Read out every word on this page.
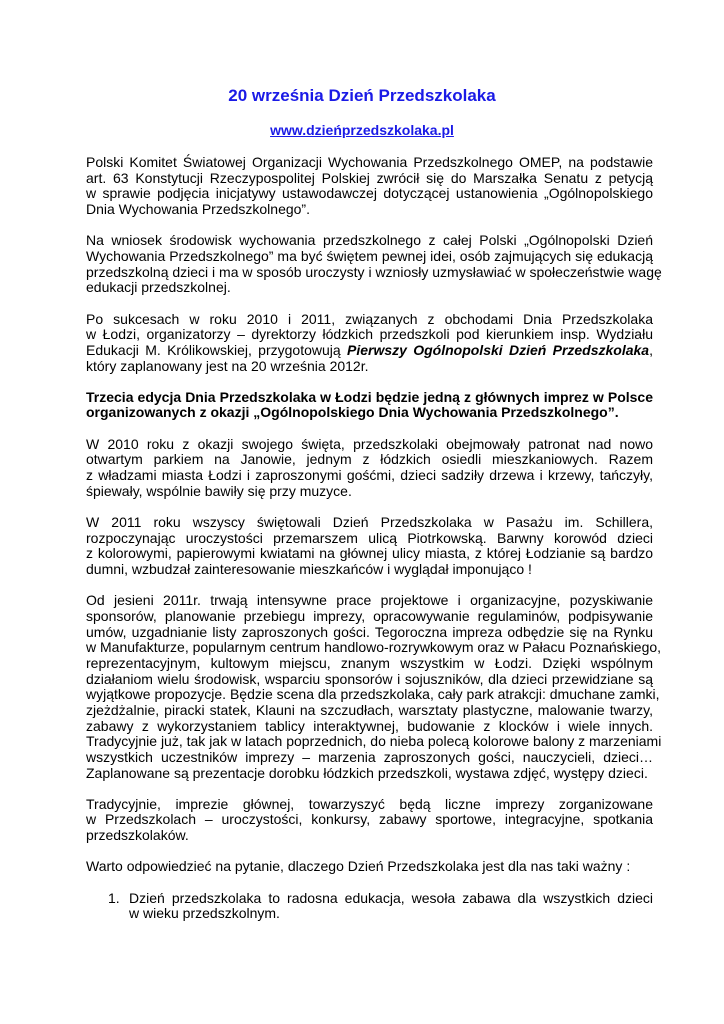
20 września Dzień Przedszkolaka
www.dzieńprzedszkolaka.pl
Polski Komitet Światowej Organizacji Wychowania Przedszkolnego OMEP, na podstawie
art. 63 Konstytucji Rzeczypospolitej Polskiej zwrócił się do Marszałka Senatu z petycją
w sprawie podjęcia inicjatywy ustawodawczej dotyczącej ustanowienia „Ogólnopolskiego
Dnia Wychowania Przedszkolnego”.
Na wniosek środowisk wychowania przedszkolnego z całej Polski „Ogólnopolski Dzień
Wychowania Przedszkolnego” ma być świętem pewnej idei, osób zajmujących się edukacją
przedszkolną dzieci i ma w sposób uroczysty i wzniosły uzmysławiać w społeczeństwie wagę
edukacji przedszkolnej.
Po sukcesach w roku 2010 i 2011, związanych z obchodami Dnia Przedszkolaka
w Łodzi, organizatorzy – dyrektorzy łódzkich przedszkoli pod kierunkiem insp. Wydziału
Edukacji M. Królikowskiej, przygotowują Pierwszy Ogólnopolski Dzień Przedszkolaka,
który zaplanowany jest na 20 września 2012r.
Trzecia edycja Dnia Przedszkolaka w Łodzi będzie jedną z głównych imprez w Polsce
organizowanych z okazji „Ogólnopolskiego Dnia Wychowania Przedszkolnego”.
W 2010 roku z okazji swojego święta, przedszkolaki obejmowały patronat nad nowo
otwartym parkiem na Janowie, jednym z łódzkich osiedli mieszkaniowych. Razem
z władzami miasta Łodzi i zaproszonymi gośćmi, dzieci sadziły drzewa i krzewy, tańczyły,
śpiewały, wspólnie bawiły się przy muzyce.
W 2011 roku wszyscy świętowali Dzień Przedszkolaka w Pasażu im. Schillera,
rozpoczynając uroczystości przemarszem ulicą Piotrkowską. Barwny korowód dzieci
z kolorowymi, papierowymi kwiatami na głównej ulicy miasta, z której Łodzianie są bardzo
dumni, wzbudzał zainteresowanie mieszkańców i wyglądał imponująco !
Od jesieni 2011r. trwają intensywne prace projektowe i organizacyjne, pozyskiwanie
sponsorów, planowanie przebiegu imprezy, opracowywanie regulaminów, podpisywanie
umów, uzgadnianie listy zaproszonych gości. Tegoroczna impreza odbędzie się na Rynku
w Manufakturze, popularnym centrum handlowo-rozrywkowym oraz w Pałacu Poznańskiego,
reprezentacyjnym, kultowym miejscu, znanym wszystkim w Łodzi. Dzięki wspólnym
działaniom wielu środowisk, wsparciu sponsorów i sojuszników, dla dzieci przewidziane są
wyjątkowe propozycje. Będzie scena dla przedszkolaka, cały park atrakcji: dmuchane zamki,
zjeżdżalnie, piracki statek, Klauni na szczudłach, warsztaty plastyczne, malowanie twarzy,
zabawy z wykorzystaniem tablicy interaktywnej, budowanie z klocków i wiele innych.
Tradycyjnie już, tak jak w latach poprzednich, do nieba polecą kolorowe balony z marzeniami
wszystkich uczestników imprezy – marzenia zaproszonych gości, nauczycieli, dzieci…
Zaplanowane są prezentacje dorobku łódzkich przedszkoli, wystawa zdjęć, występy dzieci.
Tradycyjnie, imprezie głównej, towarzyszyć będą liczne imprezy zorganizowane
w Przedszkolach – uroczystości, konkursy, zabawy sportowe, integracyjne, spotkania
przedszkolaków.
Warto odpowiedzieć na pytanie, dlaczego Dzień Przedszkolaka jest dla nas taki ważny :
1. Dzień przedszkolaka to radosna edukacja, wesoła zabawa dla wszystkich dzieci
w wieku przedszkolnym.
